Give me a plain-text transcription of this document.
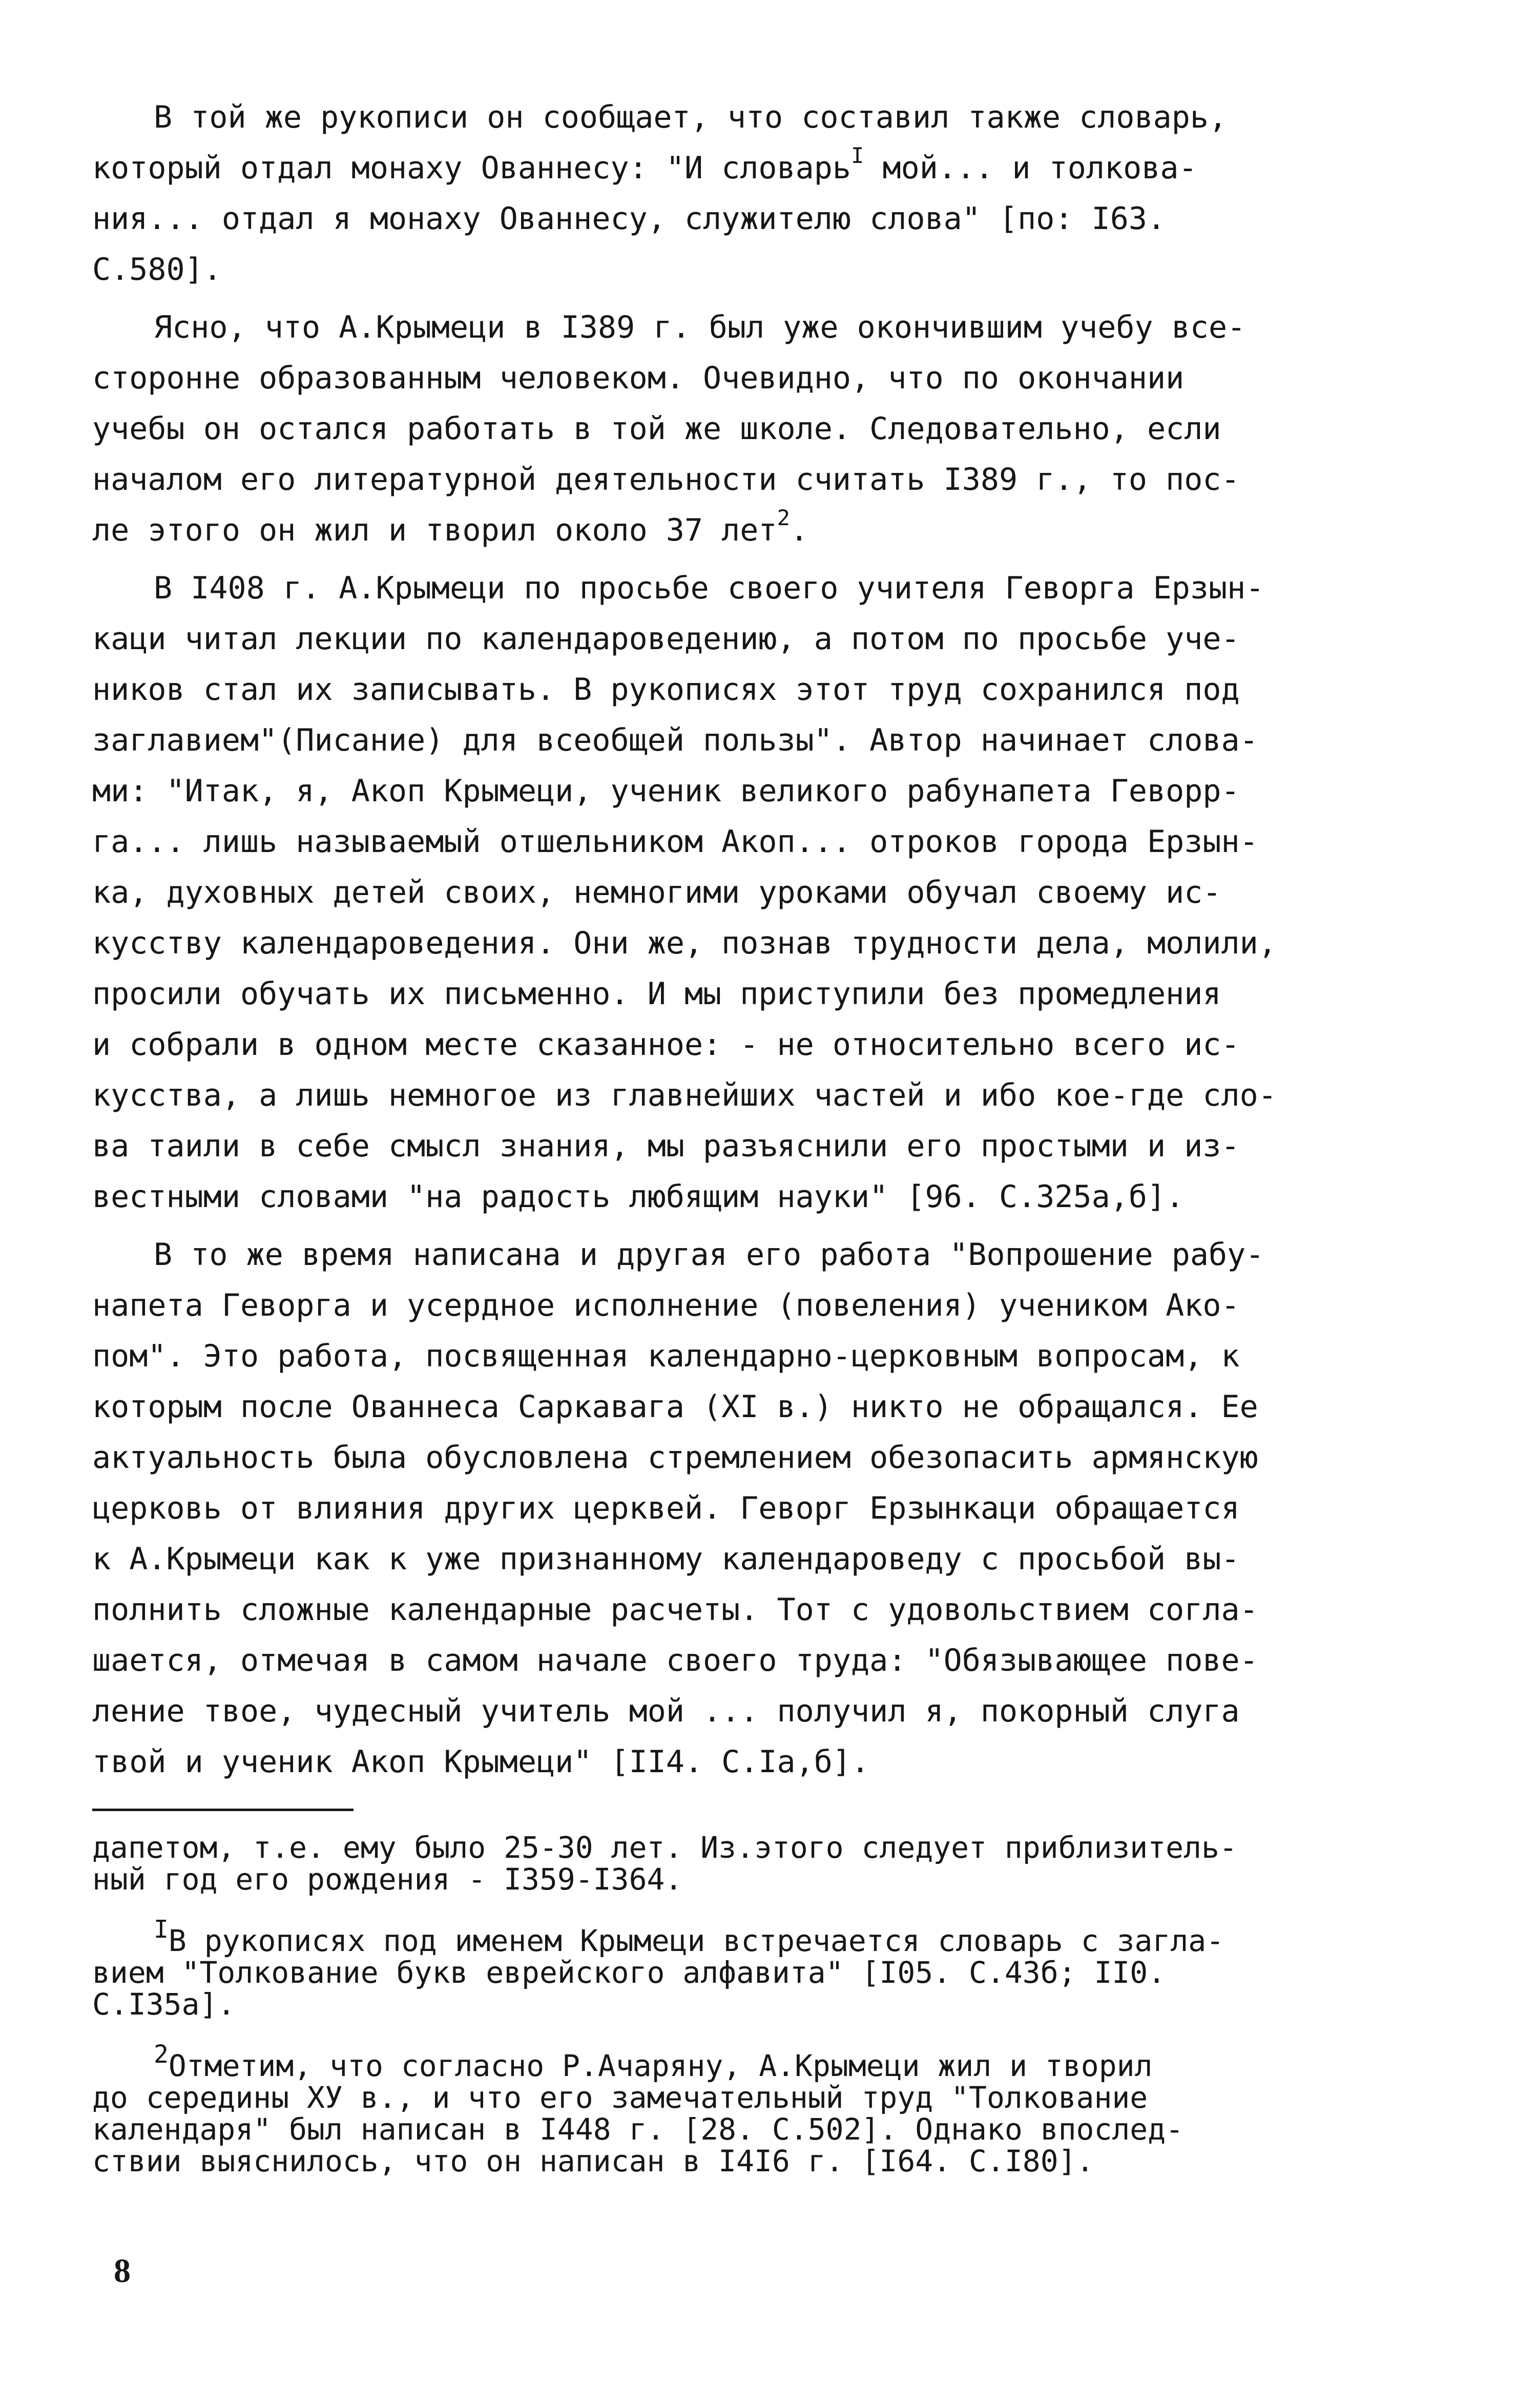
В той же рукописи он сообщает, что составил также словарь,
который отдал монаху Ованнесу: "И словарь$^I$ мой... и толкова-
ния... отдал я монаху Ованнесу, служителю слова" [по: I63.
С.580].
Ясно, что А.Крымеци в I389 г. был уже окончившим учебу все-
сторонне образованным человеком. Очевидно, что по окончании
учебы он остался работать в той же школе. Следовательно, если
началом его литературной деятельности считать I389 г., то пос-
ле этого он жил и творил около 37 лет$^2$.
В I408 г. А.Крымеци по просьбе своего учителя Геворга Ерзын-
каци читал лекции по календароведению, а потом по просьбе уче-
ников стал их записывать. В рукописях этот труд сохранился под
заглавием"(Писание) для всеобщей пользы". Автор начинает слова-
ми: "Итак, я, Акоп Крымеци, ученик великого рабунапета Геворр-
га... лишь называемый отшельником Акоп... отроков города Ерзын-
ка, духовных детей своих, немногими уроками обучал своему ис-
кусству календароведения. Они же, познав трудности дела, молили,
просили обучать их письменно. И мы приступили без промедления
и собрали в одном месте сказанное: - не относительно всего ис-
кусства, а лишь немногое из главнейших частей и ибо кое-где сло-
ва таили в себе смысл знания, мы разъяснили его простыми и из-
вестными словами "на радость любящим науки" [96. С.325а,б].
В то же время написана и другая его работа "Вопрошение рабу-
напета Геворга и усердное исполнение (повеления) учеником Ако-
пом". Это работа, посвященная календарно-церковным вопросам, к
которым после Ованнеса Саркавага (XI в.) никто не обращался. Ее
актуальность была обусловлена стремлением обезопасить армянскую
церковь от влияния других церквей. Геворг Ерзынкаци обращается
к А.Крымеци как к уже признанному календароведу с просьбой вы-
полнить сложные календарные расчеты. Тот с удовольствием согла-
шается, отмечая в самом начале своего труда: "Обязывающее пове-
ление твое, чудесный учитель мой ... получил я, покорный слуга
твой и ученик Акоп Крымеци" [II4. С.Iа,б].
дапетом, т.е. ему было 25-30 лет. Из.этого следует приблизитель-
ный год его рождения - I359-I364.
$^I$В рукописях под именем Крымеци встречается словарь с загла-
вием "Толкование букв еврейского алфавита" [I05. С.43б; II0.
С.I35а].
$^2$Отметим, что согласно Р.Ачаряну, А.Крымеци жил и творил
до середины ХУ в., и что его замечательный труд "Толкование
календаря" был написан в I448 г. [28. С.502]. Однако впослед-
ствии выяснилось, что он написан в I4I6 г. [I64. С.I80].
8
